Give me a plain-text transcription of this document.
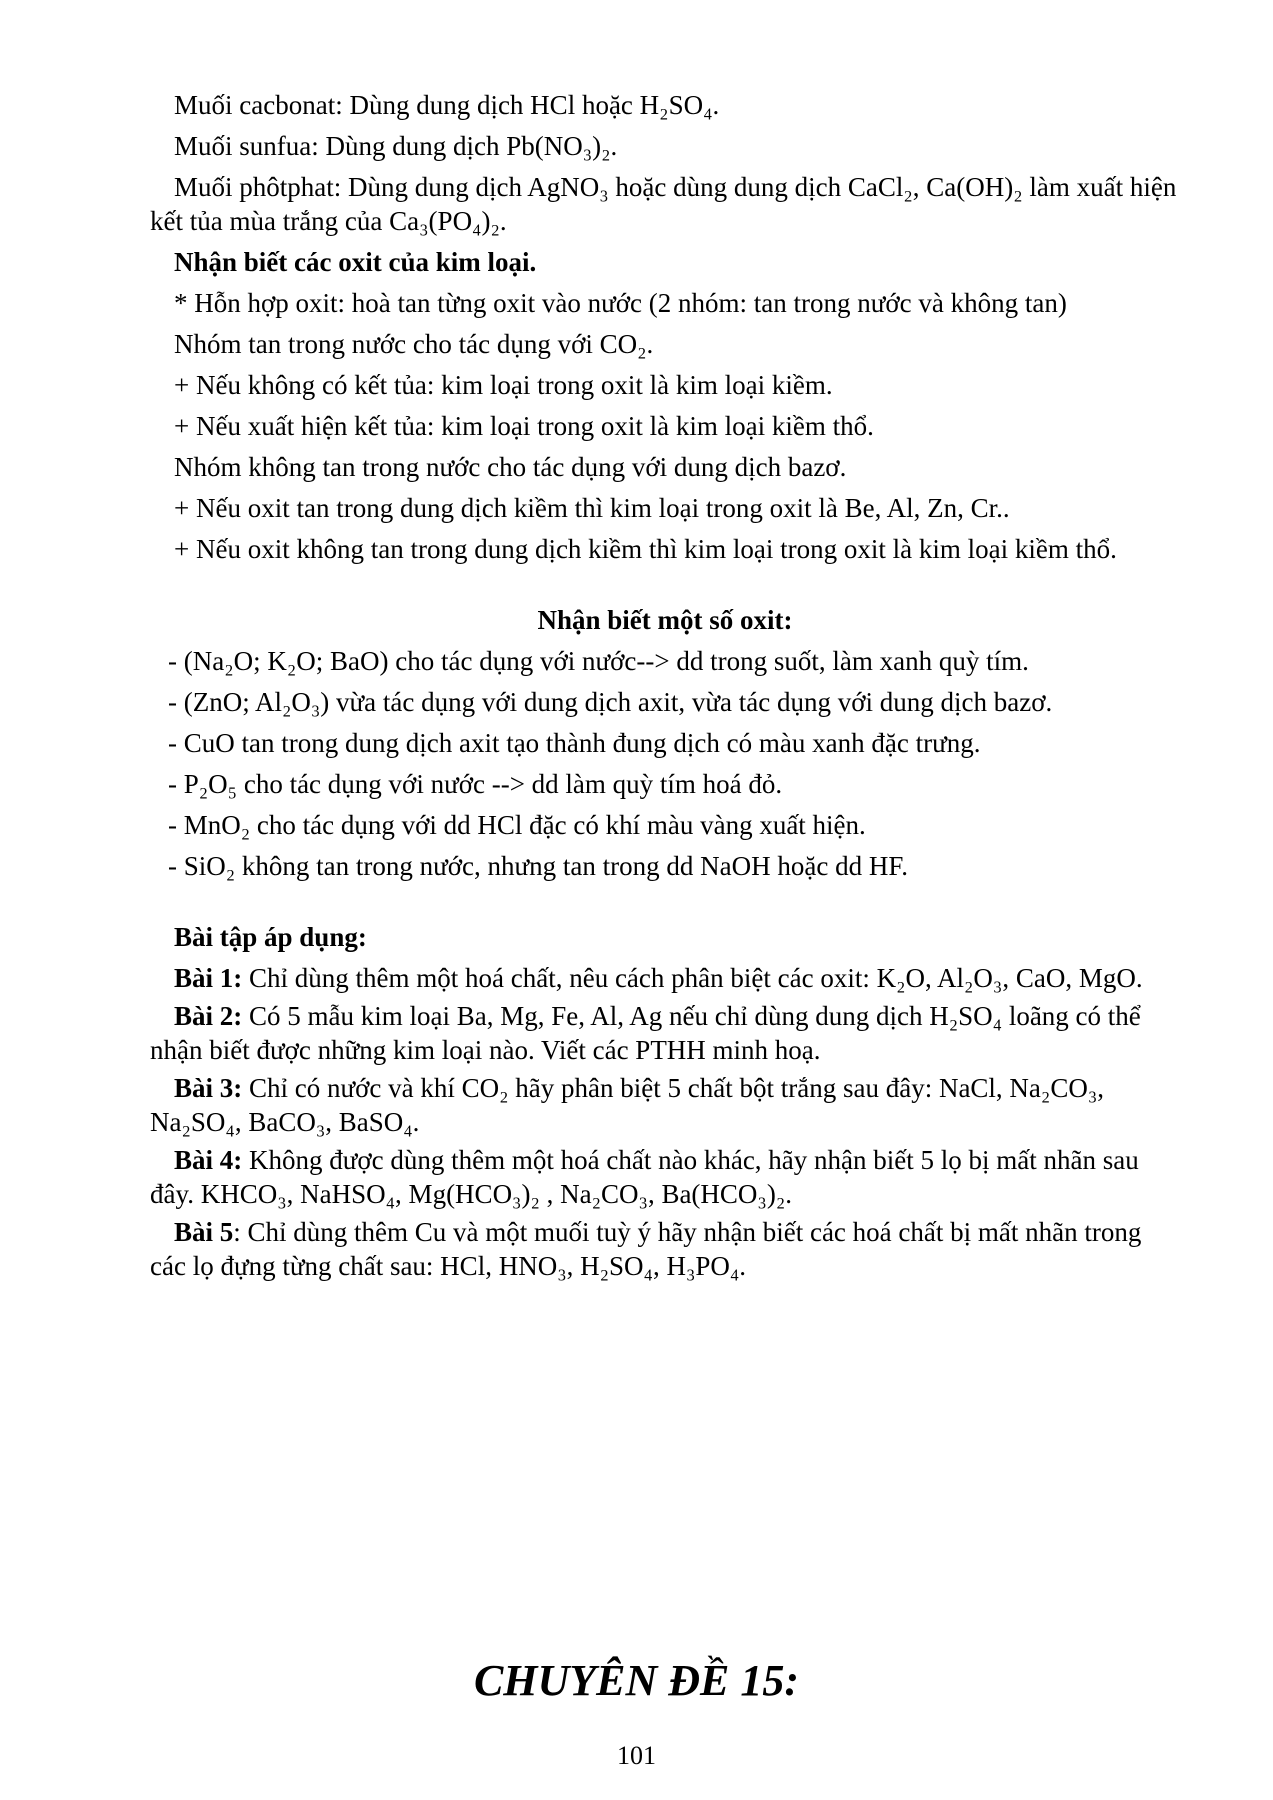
Muối cacbonat: Dùng dung dịch HCl hoặc H₂SO₄.

Muối sunfua: Dùng dung dịch Pb(NO₃)₂.

Muối phôtphat: Dùng dung dịch AgNO₃ hoặc dùng dung dịch CaCl₂, Ca(OH)₂ làm xuất hiện kết tủa mùa trắng của Ca₃(PO₄)₂.

Nhận biết các oxit của kim loại.

* Hỗn hợp oxit: hoà tan từng oxit vào nước (2 nhóm: tan trong nước và không tan)

Nhóm tan trong nước cho tác dụng với CO₂.

+ Nếu không có kết tủa: kim loại trong oxit là kim loại kiềm.

+ Nếu xuất hiện kết tủa: kim loại trong oxit là kim loại kiềm thổ.

Nhóm không tan trong nước cho tác dụng với dung dịch bazơ.

+ Nếu oxit tan trong dung dịch kiềm thì kim loại trong oxit là Be, Al, Zn, Cr..

+ Nếu oxit không tan trong dung dịch kiềm thì kim loại trong oxit là kim loại kiềm thổ.

Nhận biết một số oxit:

- (Na₂O; K₂O; BaO) cho tác dụng với nước--> dd trong suốt, làm xanh quỳ tím.

- (ZnO; Al₂O₃) vừa tác dụng với dung dịch axit, vừa tác dụng với dung dịch bazơ.

- CuO tan trong dung dịch axit tạo thành đung dịch có màu xanh đặc trưng.

- P₂O₅ cho tác dụng với nước --> dd làm quỳ tím hoá đỏ.

- MnO₂ cho tác dụng với dd HCl đặc có khí màu vàng xuất hiện.

- SiO₂ không tan trong nước, nhưng tan trong dd NaOH hoặc dd HF.

Bài tập áp dụng:

Bài 1: Chỉ dùng thêm một hoá chất, nêu cách phân biệt các oxit: K₂O, Al₂O₃, CaO, MgO.

Bài 2: Có 5 mẫu kim loại Ba, Mg, Fe, Al, Ag nếu chỉ dùng dung dịch H₂SO₄ loãng có thể nhận biết được những kim loại nào. Viết các PTHH minh hoạ.

Bài 3: Chỉ có nước và khí CO₂ hãy phân biệt 5 chất bột trắng sau đây: NaCl, Na₂CO₃, Na₂SO₄, BaCO₃, BaSO₄.

Bài 4: Không được dùng thêm một hoá chất nào khác, hãy nhận biết 5 lọ bị mất nhãn sau đây. KHCO₃, NaHSO₄, Mg(HCO₃)₂ , Na₂CO₃, Ba(HCO₃)₂.

Bài 5: Chỉ dùng thêm Cu và một muối tuỳ ý hãy nhận biết các hoá chất bị mất nhãn trong các lọ đựng từng chất sau: HCl, HNO₃, H₂SO₄, H₃PO₄.

CHUYÊN ĐỀ 15:
101
